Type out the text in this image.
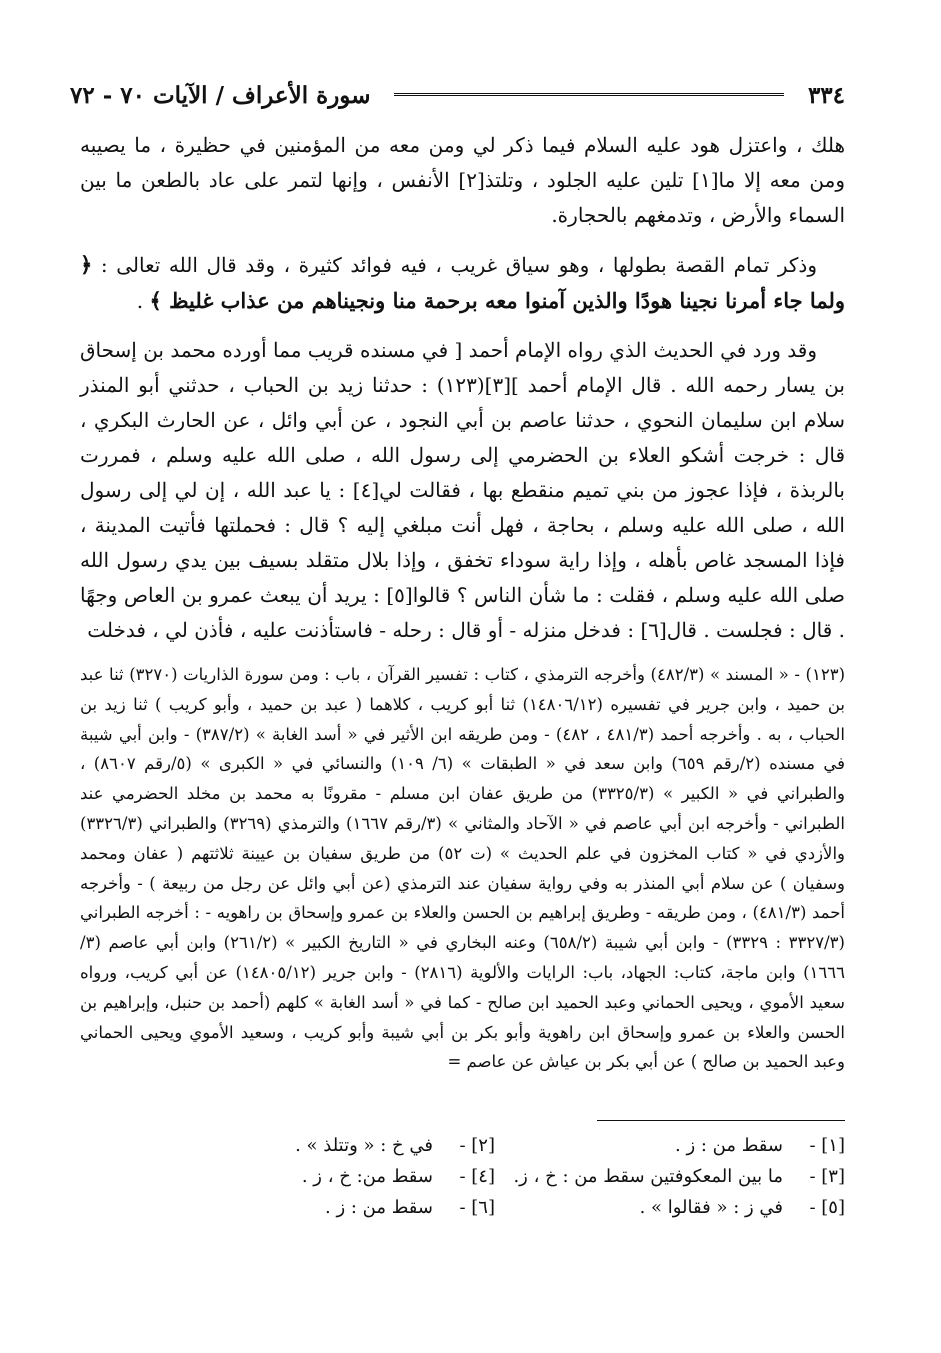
٣٣٤
سورة الأعراف / الآيات ٧٠ - ٧٢

هلك ، واعتزل هود عليه السلام فيما ذكر لي ومن معه من المؤمنين في حظيرة ، ما يصيبه ومن معه إلا ما[١] تلين عليه الجلود ، وتلتذ[٢] الأنفس ، وإنها لتمر على عاد بالطعن ما بين السماء والأرض ، وتدمغهم بالحجارة.

وذكر تمام القصة بطولها ، وهو سياق غريب ، فيه فوائد كثيرة ، وقد قال الله تعالى : ﴿ ولما جاء أمرنا نجينا هودًا والذين آمنوا معه برحمة منا ونجيناهم من عذاب غليظ ﴾ .

وقد ورد في الحديث الذي رواه الإمام أحمد [ في مسنده قريب مما أورده محمد بن إسحاق بن يسار رحمه الله . قال الإمام أحمد ][٣](١٢٣) : حدثنا زيد بن الحباب ، حدثني أبو المنذر سلام ابن سليمان النحوي ، حدثنا عاصم بن أبي النجود ، عن أبي وائل ، عن الحارث البكري ، قال : خرجت أشكو العلاء بن الحضرمي إلى رسول الله ، صلى الله عليه وسلم ، فمررت بالربذة ، فإذا عجوز من بني تميم منقطع بها ، فقالت لي[٤] : يا عبد الله ، إن لي إلى رسول الله ، صلى الله عليه وسلم ، بحاجة ، فهل أنت مبلغي إليه ؟ قال : فحملتها فأتيت المدينة ، فإذا المسجد غاص بأهله ، وإذا راية سوداء تخفق ، وإذا بلال متقلد بسيف بين يدي رسول الله صلى الله عليه وسلم ، فقلت : ما شأن الناس ؟ قالوا[٥] : يريد أن يبعث عمرو بن العاص وجهًا . قال : فجلست . قال[٦] : فدخل منزله - أو قال : رحله - فاستأذنت عليه ، فأذن لي ، فدخلت

(١٢٣) - « المسند » (٤٨٢/٣) وأخرجه الترمذي ، كتاب : تفسير القرآن ، باب : ومن سورة الذاريات (٣٢٧٠) ثنا عبد بن حميد ، وابن جرير في تفسيره (١٤٨٠٦/١٢) ثنا أبو كريب ، كلاهما ( عبد بن حميد ، وأبو كريب ) ثنا زيد بن الحباب ، به . وأخرجه أحمد (٤٨١/٣ ، ٤٨٢) - ومن طريقه ابن الأثير في « أسد الغابة » (٣٨٧/٢) - وابن أبي شيبة في مسنده (٢/رقم ٦٥٩) وابن سعد في « الطبقات » (٦/ ١٠٩) والنسائي في « الكبرى » (٥/رقم ٨٦٠٧) ، والطبراني في « الكبير » (٣٣٢٥/٣) من طريق عفان ابن مسلم - مقرونًا به محمد بن مخلد الحضرمي عند الطبراني - وأخرجه ابن أبي عاصم في « الآحاد والمثاني » (٣/رقم ١٦٦٧) والترمذي (٣٢٦٩) والطبراني (٣٣٢٦/٣) والأزدي في « كتاب المخزون في علم الحديث » (ت ٥٢) من طريق سفيان بن عيينة ثلاثتهم ( عفان ومحمد وسفيان ) عن سلام أبي المنذر به وفي رواية سفيان عند الترمذي (عن أبي وائل عن رجل من ربيعة ) - وأخرجه أحمد (٤٨١/٣) ، ومن طريقه - وطريق إبراهيم بن الحسن والعلاء بن عمرو وإسحاق بن راهويه - : أخرجه الطبراني (٣٣٢٧/٣ : ٣٣٢٩) - وابن أبي شيبة (٦٥٨/٢) وعنه البخاري في « التاريخ الكبير » (٢٦١/٢) وابن أبي عاصم (٣/ ١٦٦٦) وابن ماجة، كتاب: الجهاد، باب: الرايات والألوية (٢٨١٦) - وابن جرير (١٤٨٠٥/١٢) عن أبي كريب، ورواه سعيد الأموي ، ويحيى الحماني وعبد الحميد ابن صالح - كما في « أسد الغابة » كلهم (أحمد بن حنبل، وإبراهيم بن الحسن والعلاء بن عمرو وإسحاق ابن راهوية وأبو بكر بن أبي شيبة وأبو كريب ، وسعيد الأموي ويحيى الحماني وعبد الحميد بن صالح ) عن أبي بكر بن عياش عن عاصم =

[١] -
سقط من : ز .
[٢] -
في خ : « وتتلذ » .
[٣] -
ما بين المعكوفتين سقط من : خ ، ز.
[٤] -
سقط من: خ ، ز .
[٥] -
في ز : « فقالوا » .
[٦] -
سقط من : ز .
